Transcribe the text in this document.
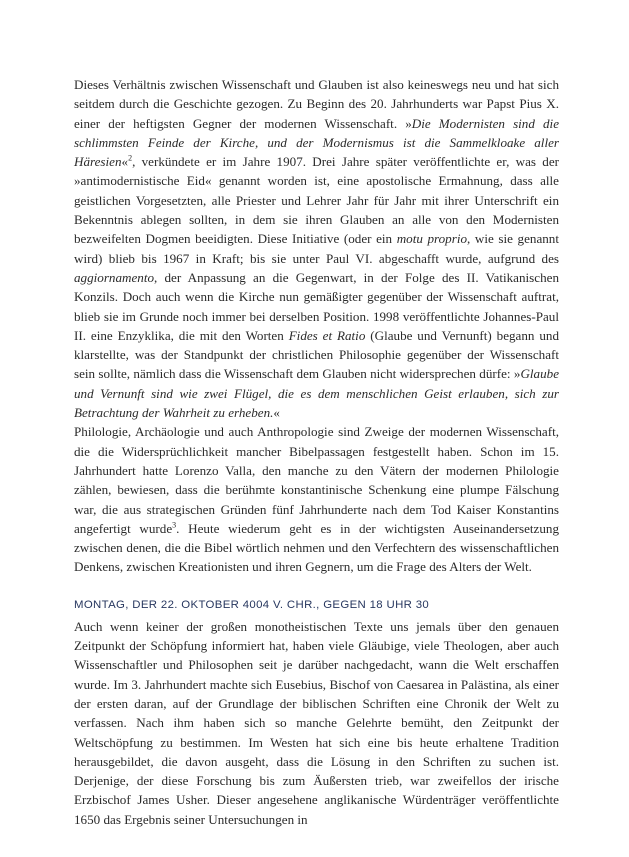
Dieses Verhältnis zwischen Wissenschaft und Glauben ist also keineswegs neu und hat sich seitdem durch die Geschichte gezogen. Zu Beginn des 20. Jahrhunderts war Papst Pius X. einer der heftigsten Gegner der modernen Wissenschaft. »Die Modernisten sind die schlimmsten Feinde der Kirche, und der Modernismus ist die Sammelkloake aller Häresien«$^2$, verkündete er im Jahre 1907. Drei Jahre später veröffentlichte er, was der »antimodernistische Eid« genannt worden ist, eine apostolische Ermahnung, dass alle geistlichen Vorgesetzten, alle Priester und Lehrer Jahr für Jahr mit ihrer Unterschrift ein Bekenntnis ablegen sollten, in dem sie ihren Glauben an alle von den Modernisten bezweifelten Dogmen beeidigten. Diese Initiative (oder ein motu proprio, wie sie genannt wird) blieb bis 1967 in Kraft; bis sie unter Paul VI. abgeschafft wurde, aufgrund des aggiornamento, der Anpassung an die Gegenwart, in der Folge des II. Vatikanischen Konzils. Doch auch wenn die Kirche nun gemäßigter gegenüber der Wissenschaft auftrat, blieb sie im Grunde noch immer bei derselben Position. 1998 veröffentlichte Johannes-Paul II. eine Enzyklika, die mit den Worten Fides et Ratio (Glaube und Vernunft) begann und klarstellte, was der Standpunkt der christlichen Philosophie gegenüber der Wissenschaft sein sollte, nämlich dass die Wissenschaft dem Glauben nicht widersprechen dürfe: »Glaube und Vernunft sind wie zwei Flügel, die es dem menschlichen Geist erlauben, sich zur Betrachtung der Wahrheit zu erheben.«

Philologie, Archäologie und auch Anthropologie sind Zweige der modernen Wissenschaft, die die Widersprüchlichkeit mancher Bibelpassagen festgestellt haben. Schon im 15. Jahrhundert hatte Lorenzo Valla, den manche zu den Vätern der modernen Philologie zählen, bewiesen, dass die berühmte konstantinische Schenkung eine plumpe Fälschung war, die aus strategischen Gründen fünf Jahrhunderte nach dem Tod Kaiser Konstantins angefertigt wurde$^3$. Heute wiederum geht es in der wichtigsten Auseinandersetzung zwischen denen, die die Bibel wörtlich nehmen und den Verfechtern des wissenschaftlichen Denkens, zwischen Kreationisten und ihren Gegnern, um die Frage des Alters der Welt.

MONTAG, DER 22. OKTOBER 4004 V. CHR., GEGEN 18 UHR 30

Auch wenn keiner der großen monotheistischen Texte uns jemals über den genauen Zeitpunkt der Schöpfung informiert hat, haben viele Gläubige, viele Theologen, aber auch Wissenschaftler und Philosophen seit je darüber nachgedacht, wann die Welt erschaffen wurde. Im 3. Jahrhundert machte sich Eusebius, Bischof von Caesarea in Palästina, als einer der ersten daran, auf der Grundlage der biblischen Schriften eine Chronik der Welt zu verfassen. Nach ihm haben sich so manche Gelehrte bemüht, den Zeitpunkt der Weltschöpfung zu bestimmen. Im Westen hat sich eine bis heute erhaltene Tradition herausgebildet, die davon ausgeht, dass die Lösung in den Schriften zu suchen ist. Derjenige, der diese Forschung bis zum Äußersten trieb, war zweifellos der irische Erzbischof James Usher. Dieser angesehene anglikanische Würdenträger veröffentlichte 1650 das Ergebnis seiner Untersuchungen in
